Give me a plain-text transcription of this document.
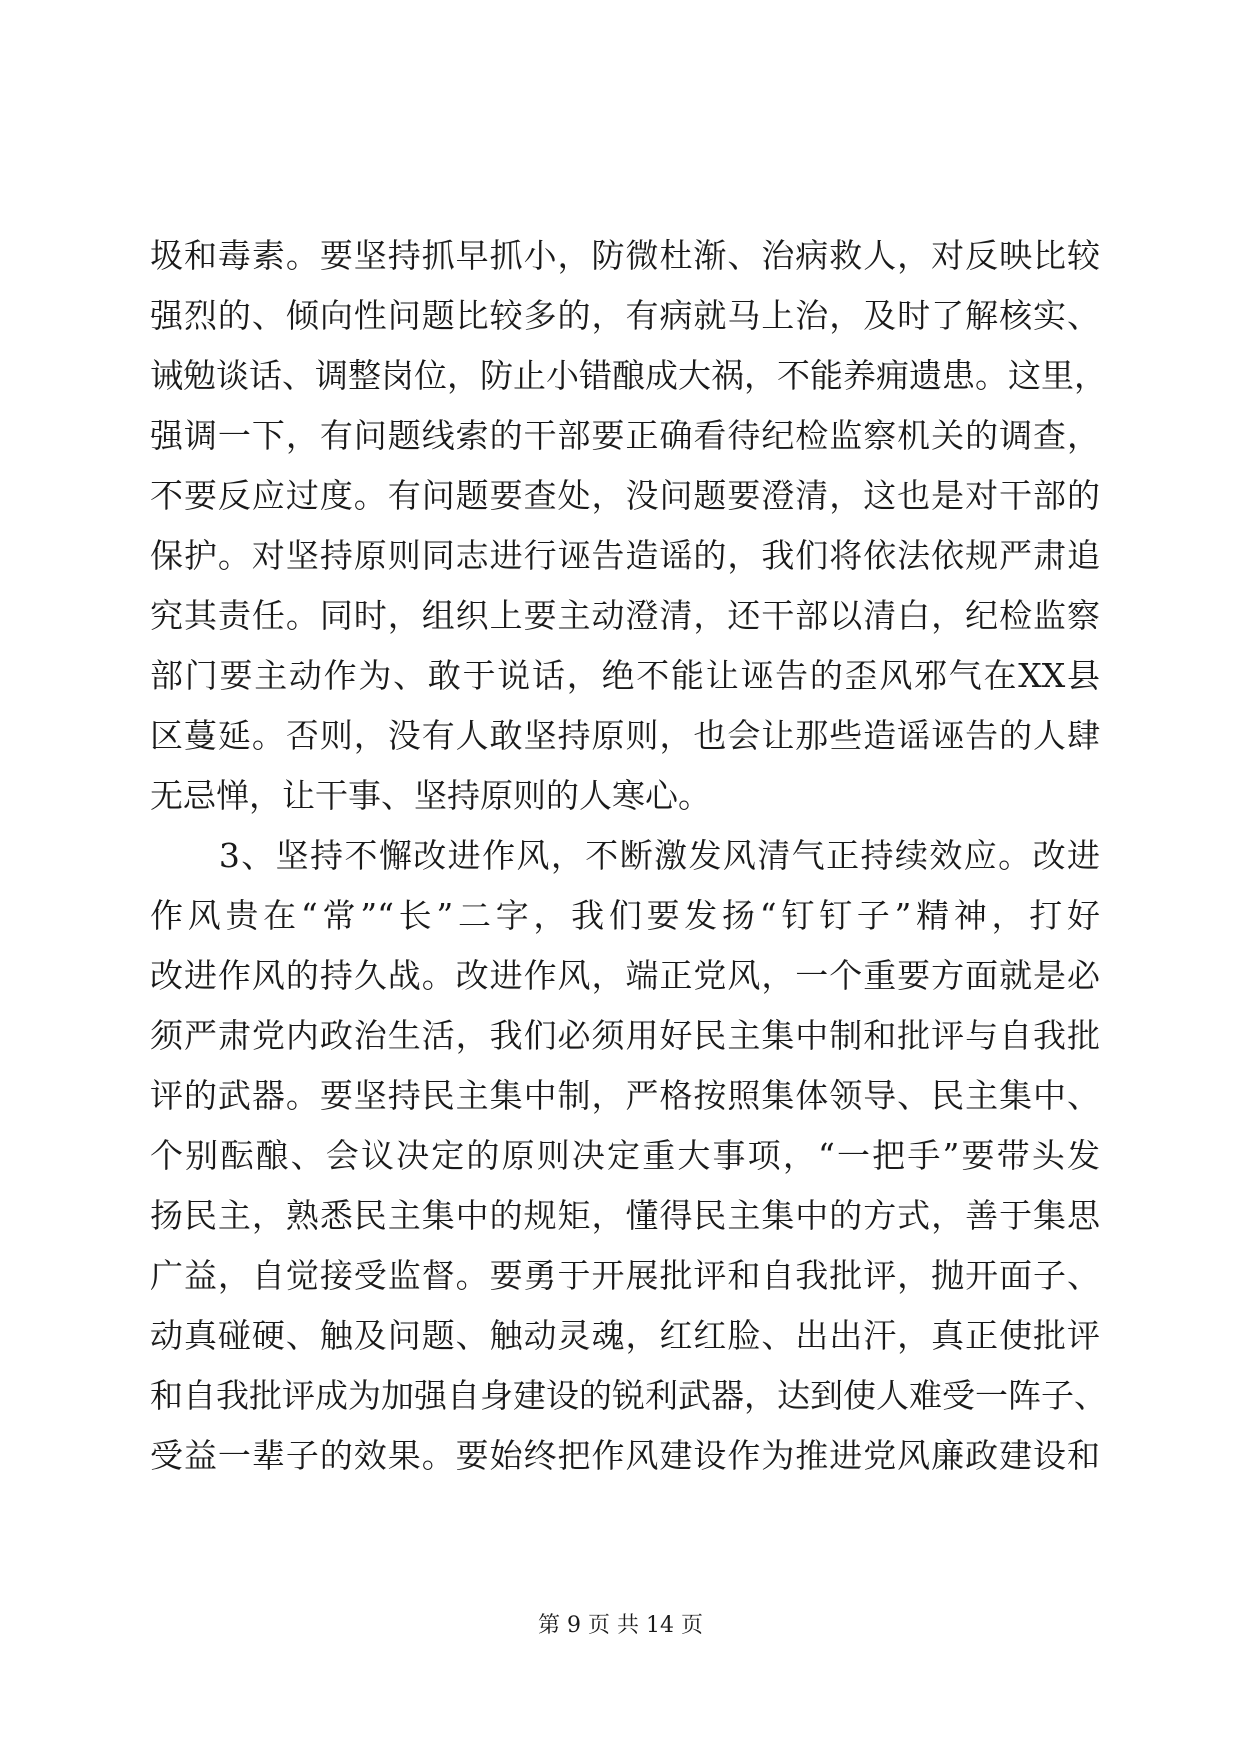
圾和毒素。要坚持抓早抓小，防微杜渐、治病救人，对反映比较
强烈的、倾向性问题比较多的，有病就马上治，及时了解核实、
诫勉谈话、调整岗位，防止小错酿成大祸，不能养痈遗患。这里，
强调一下，有问题线索的干部要正确看待纪检监察机关的调查，
不要反应过度。有问题要查处，没问题要澄清，这也是对干部的
保护。对坚持原则同志进行诬告造谣的，我们将依法依规严肃追
究其责任。同时，组织上要主动澄清，还干部以清白，纪检监察
部门要主动作为、敢于说话，绝不能让诬告的歪风邪气在XX县
区蔓延。否则，没有人敢坚持原则，也会让那些造谣诬告的人肆
无忌惮，让干事、坚持原则的人寒心。
　　3、坚持不懈改进作风，不断激发风清气正持续效应。改进
作风贵在“常”“长”二字，我们要发扬“钉钉子”精神，打好
改进作风的持久战。改进作风，端正党风，一个重要方面就是必
须严肃党内政治生活，我们必须用好民主集中制和批评与自我批
评的武器。要坚持民主集中制，严格按照集体领导、民主集中、
个别酝酿、会议决定的原则决定重大事项，“一把手”要带头发
扬民主，熟悉民主集中的规矩，懂得民主集中的方式，善于集思
广益，自觉接受监督。要勇于开展批评和自我批评，抛开面子、
动真碰硬、触及问题、触动灵魂，红红脸、出出汗，真正使批评
和自我批评成为加强自身建设的锐利武器，达到使人难受一阵子、
受益一辈子的效果。要始终把作风建设作为推进党风廉政建设和
第 9 页 共 14 页
